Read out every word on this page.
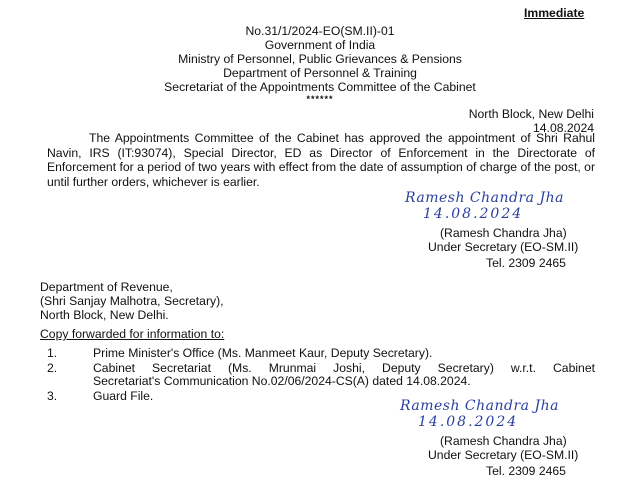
Immediate
No.31/1/2024-EO(SM.II)-01
Government of India
Ministry of Personnel, Public Grievances & Pensions
Department of Personnel & Training
Secretariat of the Appointments Committee of the Cabinet
******
North Block, New Delhi
14.08.2024
The Appointments Committee of the Cabinet has approved the appointment of Shri Rahul Navin, IRS (IT:93074), Special Director, ED as Director of Enforcement in the Directorate of Enforcement for a period of two years with effect from the date of assumption of charge of the post, or until further orders, whichever is earlier.
Ramesh Chandra Jha
14.08.2024
(Ramesh Chandra Jha)
Under Secretary (EO-SM.II)
Tel. 2309 2465
Department of Revenue,
(Shri Sanjay Malhotra, Secretary),
North Block, New Delhi.
Copy forwarded for information to:
1.	Prime Minister's Office (Ms. Manmeet Kaur, Deputy Secretary).
2.	Cabinet Secretariat (Ms. Mrunmai Joshi, Deputy Secretary) w.r.t. Cabinet
Secretariat's Communication No.02/06/2024-CS(A) dated 14.08.2024.
3.	Guard File.
Ramesh Chandra Jha
14.08.2024
(Ramesh Chandra Jha)
Under Secretary (EO-SM.II)
Tel. 2309 2465
